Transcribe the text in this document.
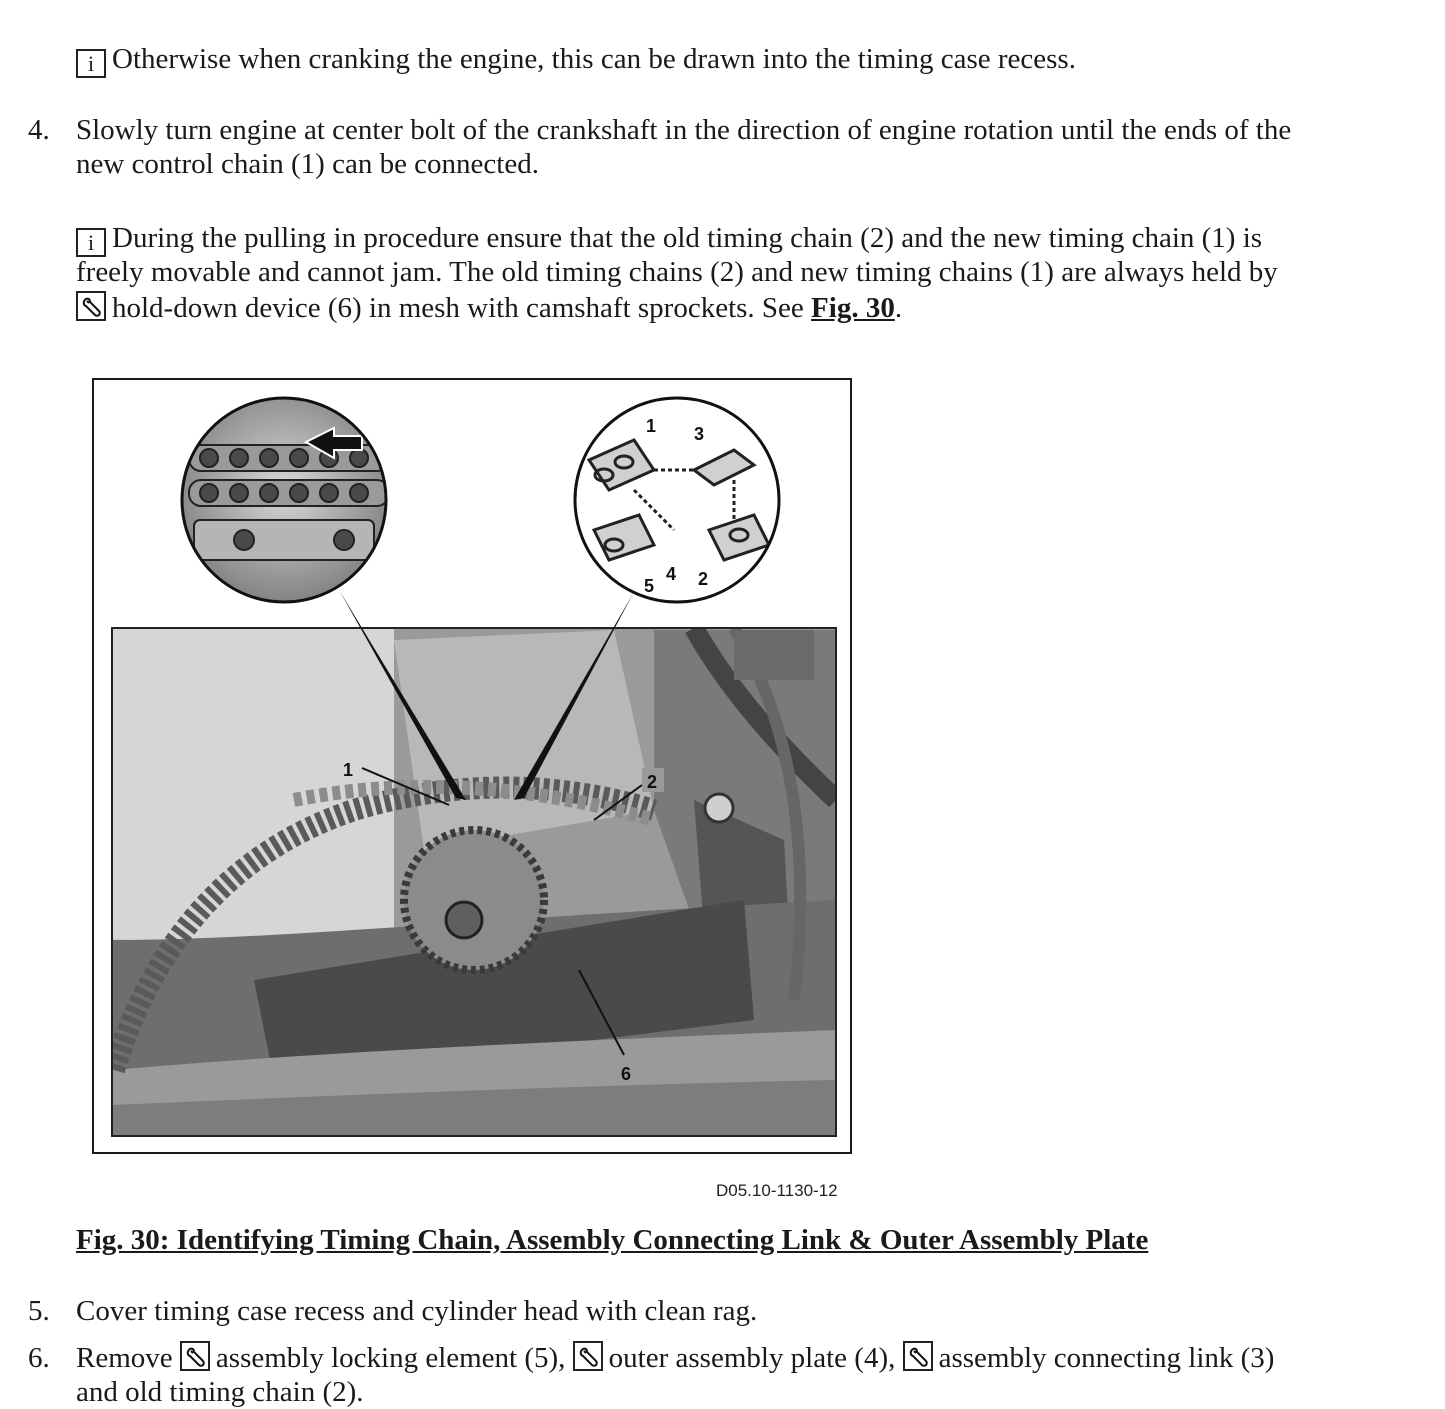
i Otherwise when cranking the engine, this can be drawn into the timing case recess.
4. Slowly turn engine at center bolt of the crankshaft in the direction of engine rotation until the ends of the
new control chain (1) can be connected.
i During the pulling in procedure ensure that the old timing chain (2) and the new timing chain (1) is
freely movable and cannot jam. The old timing chains (2) and new timing chains (1) are always held by
hold-down device (6) in mesh with camshaft sprockets. See Fig. 30.
1 3
5
4 2
1
2
6
D05.10-1130-12
Fig. 30: Identifying Timing Chain, Assembly Connecting Link & Outer Assembly Plate
5. Cover timing case recess and cylinder head with clean rag.
6. Remove
assembly locking element (5),
outer assembly plate (4),
assembly connecting link (3)
and old timing chain (2).
